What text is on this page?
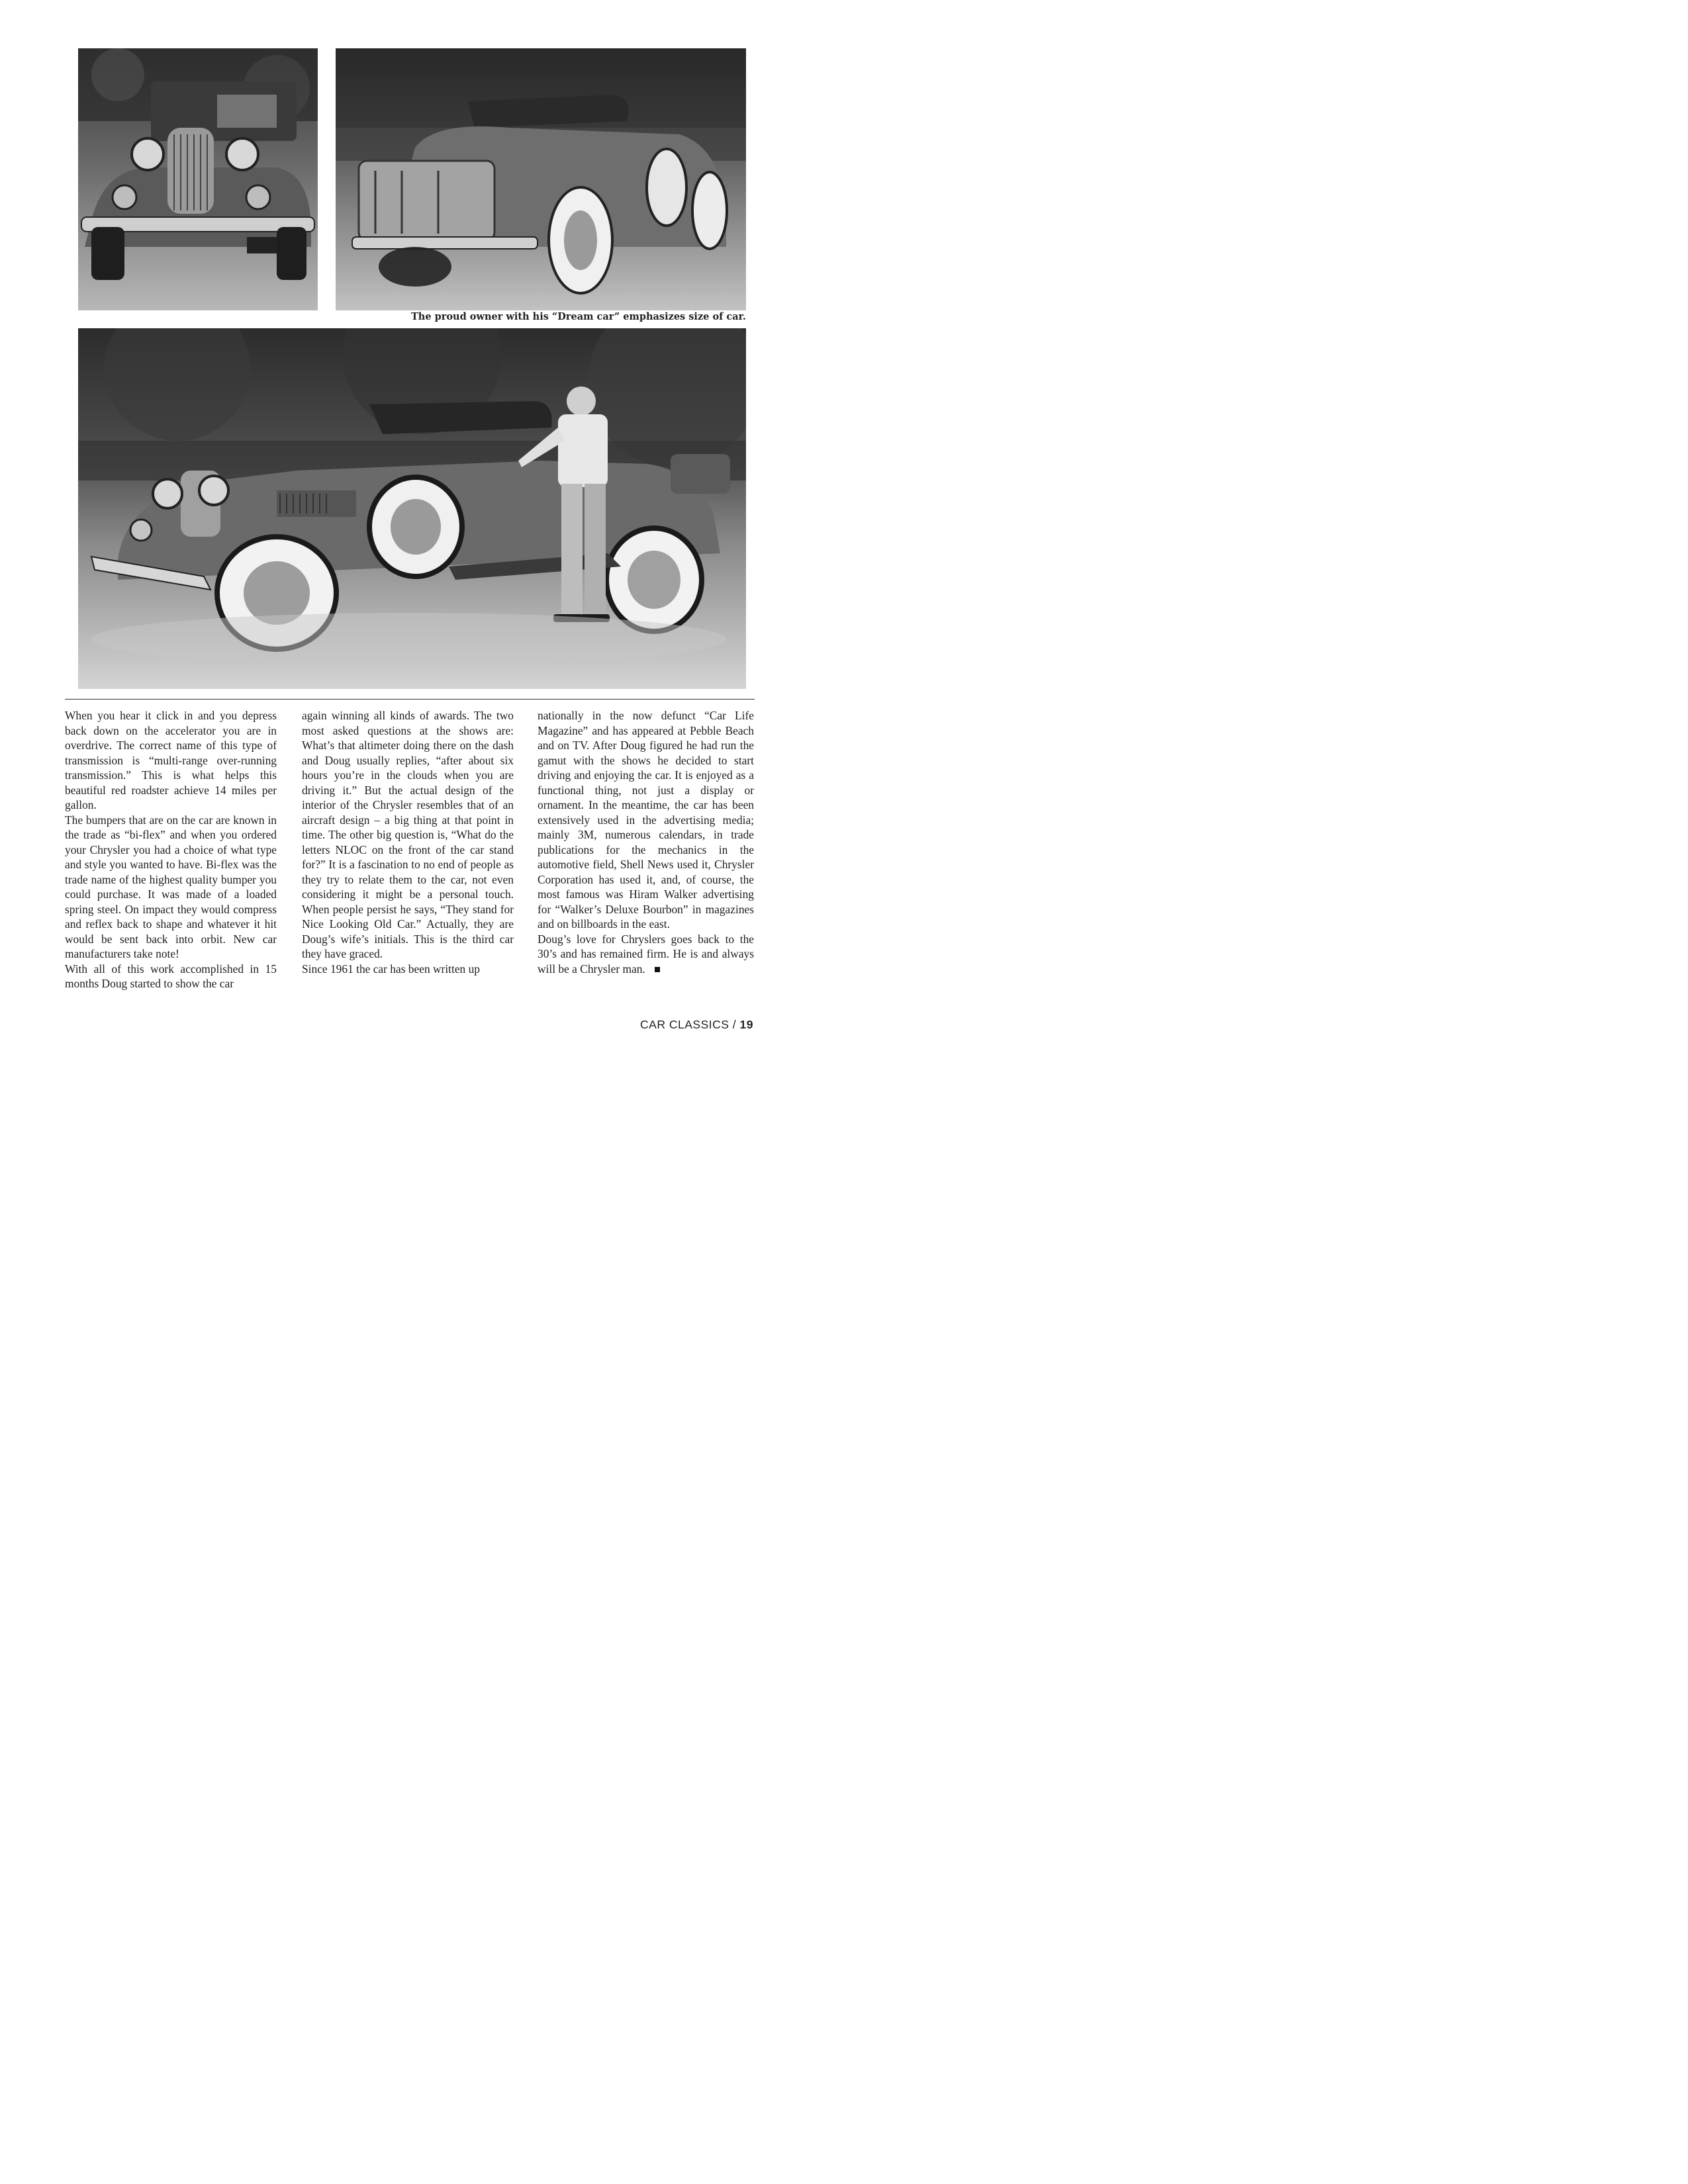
The proud owner with his “Dream car” emphasizes size of car.

When you hear it click in and you depress back down on the accelerator you are in overdrive. The correct name of this type of transmission is “multi-range over-running transmission.” This is what helps this beautiful red roadster achieve 14 miles per gallon.

The bumpers that are on the car are known in the trade as “bi-flex” and when you ordered your Chrysler you had a choice of what type and style you wanted to have. Bi-flex was the trade name of the highest quality bumper you could purchase. It was made of a loaded spring steel. On impact they would compress and reflex back to shape and whatever it hit would be sent back into orbit. New car manufacturers take note!

With all of this work accomplished in 15 months Doug started to show the car

again winning all kinds of awards. The two most asked questions at the shows are: What’s that altimeter doing there on the dash and Doug usually replies, “after about six hours you’re in the clouds when you are driving it.” But the actual design of the interior of the Chrysler resembles that of an aircraft design – a big thing at that point in time. The other big question is, “What do the letters NLOC on the front of the car stand for?” It is a fascination to no end of people as they try to relate them to the car, not even considering it might be a personal touch. When people persist he says, “They stand for Nice Looking Old Car.” Actually, they are Doug’s wife’s initials. This is the third car they have graced.

Since 1961 the car has been written up

nationally in the now defunct “Car Life Magazine” and has appeared at Pebble Beach and on TV. After Doug figured he had run the gamut with the shows he decided to start driving and enjoying the car. It is enjoyed as a functional thing, not just a display or ornament. In the meantime, the car has been extensively used in the advertising media; mainly 3M, numerous calendars, in trade publications for the mechanics in the automotive field, Shell News used it, Chrysler Corporation has used it, and, of course, the most famous was Hiram Walker advertising for “Walker’s Deluxe Bourbon” in magazines and on billboards in the east.

Doug’s love for Chryslers goes back to the 30’s and has remained firm. He is and always will be a Chrysler man.

CAR CLASSICS / 19
